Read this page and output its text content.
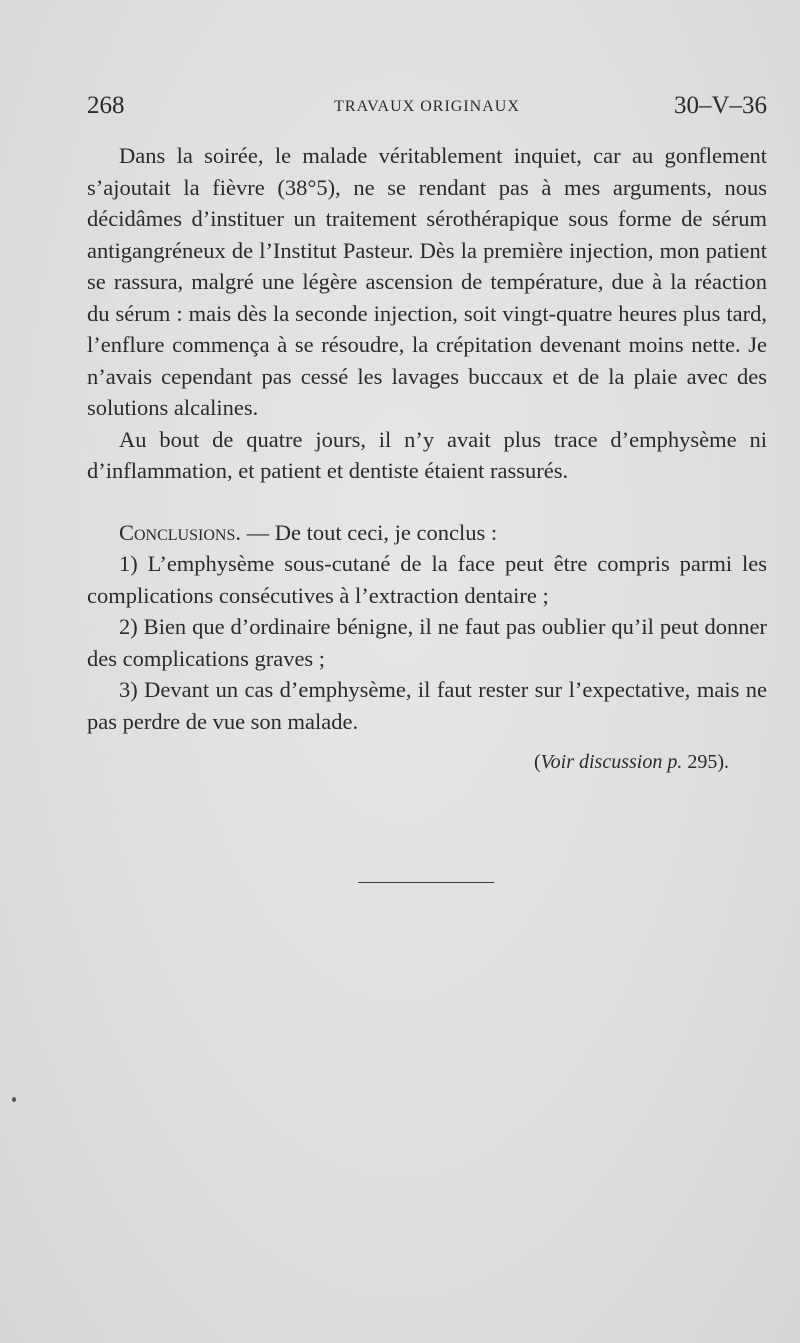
268	TRAVAUX ORIGINAUX	30–V–36

Dans la soirée, le malade véritablement inquiet, car au gonflement s’ajoutait la fièvre (38°5), ne se rendant pas à mes arguments, nous décidâmes d’instituer un traitement sérothérapique sous forme de sérum antigangréneux de l’Institut Pasteur. Dès la première injection, mon patient se rassura, malgré une légère ascension de température, due à la réaction du sérum : mais dès la seconde injection, soit vingt-quatre heures plus tard, l’enflure commença à se résoudre, la crépitation devenant moins nette. Je n’avais cependant pas cessé les lavages buccaux et de la plaie avec des solutions alcalines.

Au bout de quatre jours, il n’y avait plus trace d’emphysème ni d’inflammation, et patient et dentiste étaient rassurés.

Conclusions. — De tout ceci, je conclus :

1) L’emphysème sous-cutané de la face peut être compris parmi les complications consécutives à l’extraction dentaire ;

2) Bien que d’ordinaire bénigne, il ne faut pas oublier qu’il peut donner des complications graves ;

3) Devant un cas d’emphysème, il faut rester sur l’expectative, mais ne pas perdre de vue son malade.

(Voir discussion p. 295).
